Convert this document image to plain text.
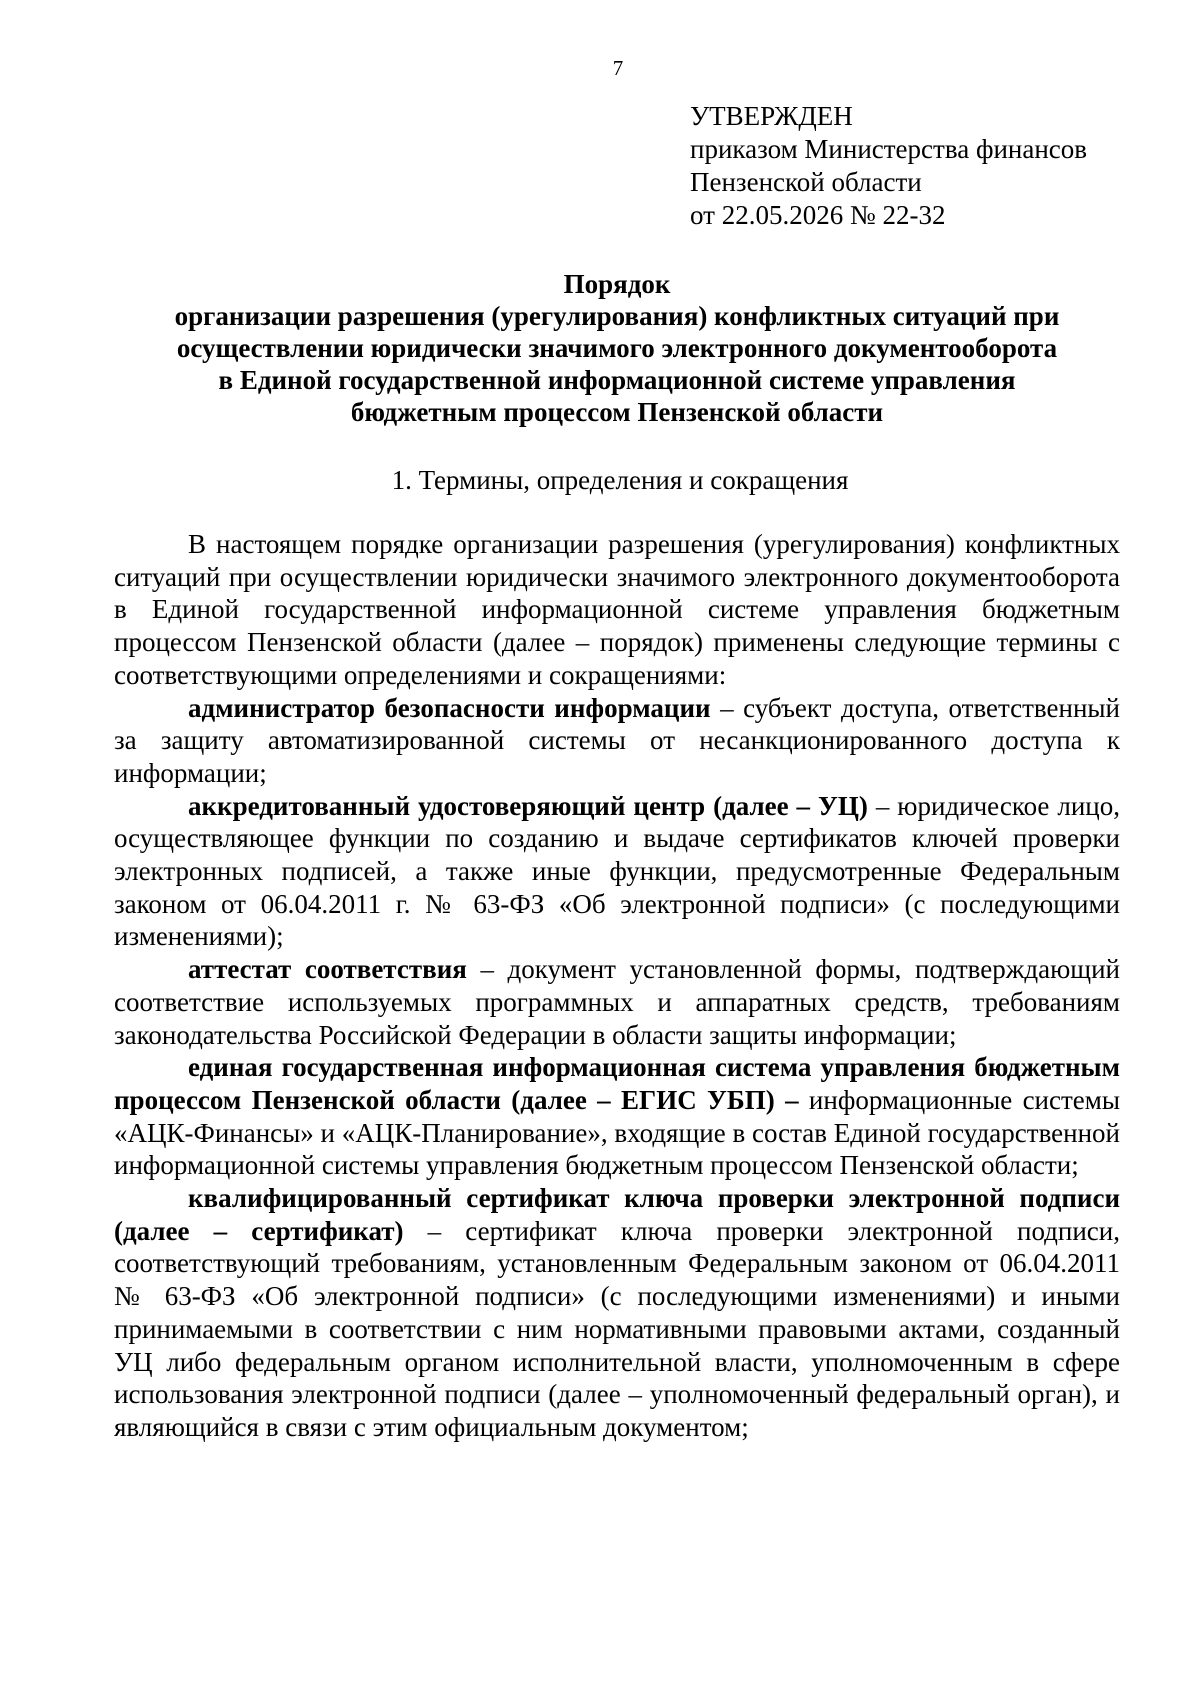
7
УТВЕРЖДЕН
приказом Министерства финансов
Пензенской области
от 22.05.2026 № 22-32
Порядок
организации разрешения (урегулирования) конфликтных ситуаций при
осуществлении юридически значимого электронного документооборота
в Единой государственной информационной системе управления
бюджетным процессом Пензенской области
1. Термины, определения и сокращения

В настоящем порядке организации разрешения (урегулирования) конфликтных ситуаций при осуществлении юридически значимого электронного документооборота в Единой государственной информационной системе управления бюджетным процессом Пензенской области (далее – порядок) применены следующие термины с соответствующими определениями и сокращениями:

администратор безопасности информации – субъект доступа, ответственный за защиту автоматизированной системы от несанкционированного доступа к информации;

аккредитованный удостоверяющий центр (далее – УЦ) – юридическое лицо, осуществляющее функции по созданию и выдаче сертификатов ключей проверки электронных подписей, а также иные функции, предусмотренные Федеральным законом от 06.04.2011 г. № 63-ФЗ «Об электронной подписи» (с последующими изменениями);

аттестат соответствия – документ установленной формы, подтверждающий соответствие используемых программных и аппаратных средств, требованиям законодательства Российской Федерации в области защиты информации;

единая государственная информационная система управления бюджетным процессом Пензенской области (далее – ЕГИС УБП) – информационные системы «АЦК-Финансы» и «АЦК-Планирование», входящие в состав Единой государственной информационной системы управления бюджетным процессом Пензенской области;

квалифицированный сертификат ключа проверки электронной подписи (далее – сертификат) – сертификат ключа проверки электронной подписи, соответствующий требованиям, установленным Федеральным законом от 06.04.2011 № 63-ФЗ «Об электронной подписи» (с последующими изменениями) и иными принимаемыми в соответствии с ним нормативными правовыми актами, созданный УЦ либо федеральным органом исполнительной власти, уполномоченным в сфере использования электронной подписи (далее – уполномоченный федеральный орган), и являющийся в связи с этим официальным документом;
